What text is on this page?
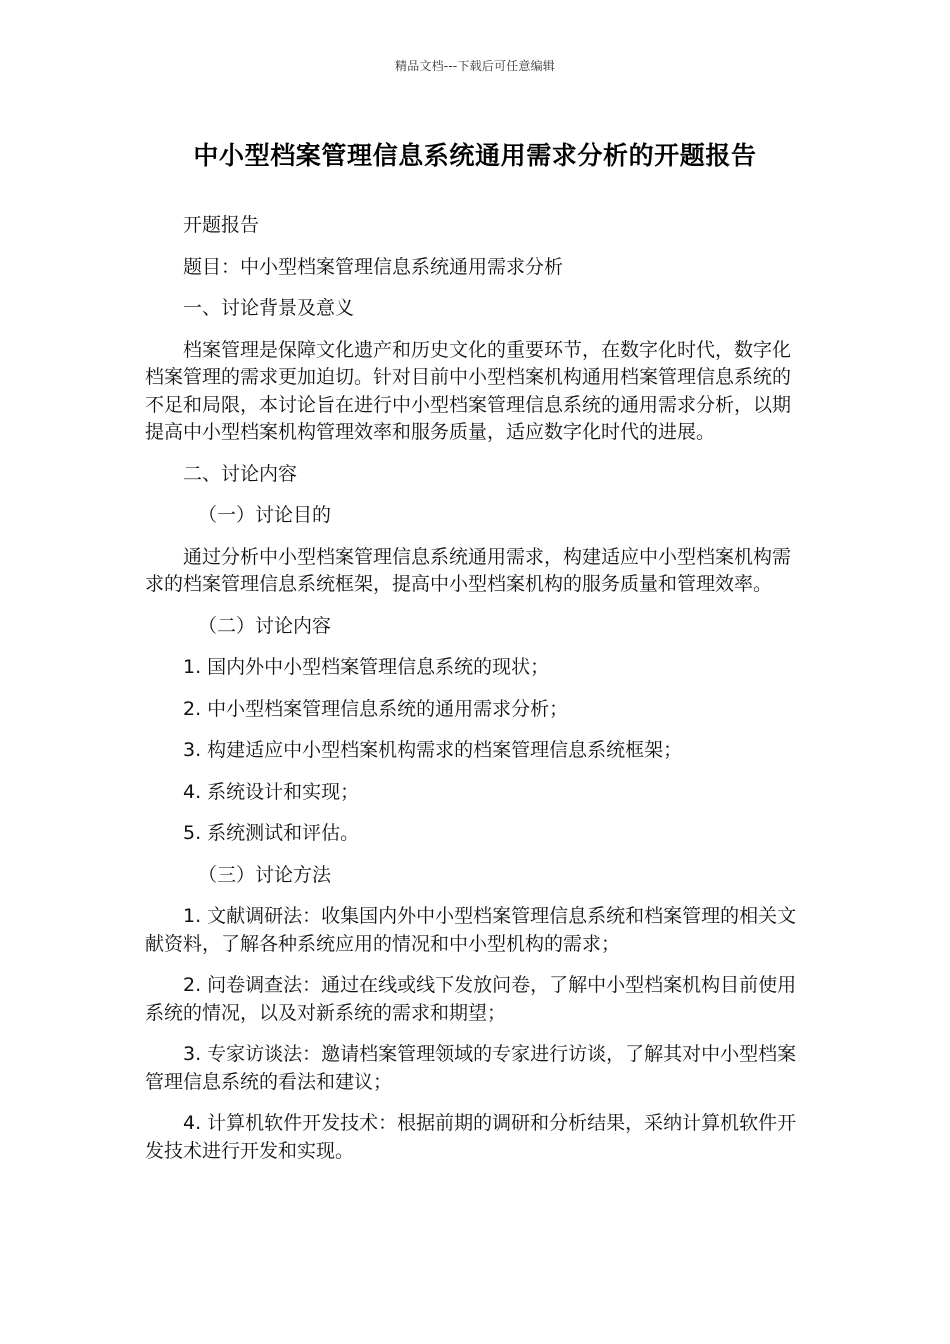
精品文档---下载后可任意编辑
中小型档案管理信息系统通用需求分析的开题报告

开题报告

题目：中小型档案管理信息系统通用需求分析

一、讨论背景及意义

档案管理是保障文化遗产和历史文化的重要环节，在数字化时代，数字化档案管理的需求更加迫切。针对目前中小型档案机构通用档案管理信息系统的不足和局限，本讨论旨在进行中小型档案管理信息系统的通用需求分析，以期提高中小型档案机构管理效率和服务质量，适应数字化时代的进展。

二、讨论内容

（一）讨论目的

通过分析中小型档案管理信息系统通用需求，构建适应中小型档案机构需求的档案管理信息系统框架，提高中小型档案机构的服务质量和管理效率。

（二）讨论内容

1. 国内外中小型档案管理信息系统的现状；

2. 中小型档案管理信息系统的通用需求分析；

3. 构建适应中小型档案机构需求的档案管理信息系统框架；

4. 系统设计和实现；

5. 系统测试和评估。

（三）讨论方法

1. 文献调研法：收集国内外中小型档案管理信息系统和档案管理的相关文献资料，了解各种系统应用的情况和中小型机构的需求；

2. 问卷调查法：通过在线或线下发放问卷，了解中小型档案机构目前使用系统的情况，以及对新系统的需求和期望；

3. 专家访谈法：邀请档案管理领域的专家进行访谈，了解其对中小型档案管理信息系统的看法和建议；

4. 计算机软件开发技术：根据前期的调研和分析结果，采纳计算机软件开发技术进行开发和实现。
